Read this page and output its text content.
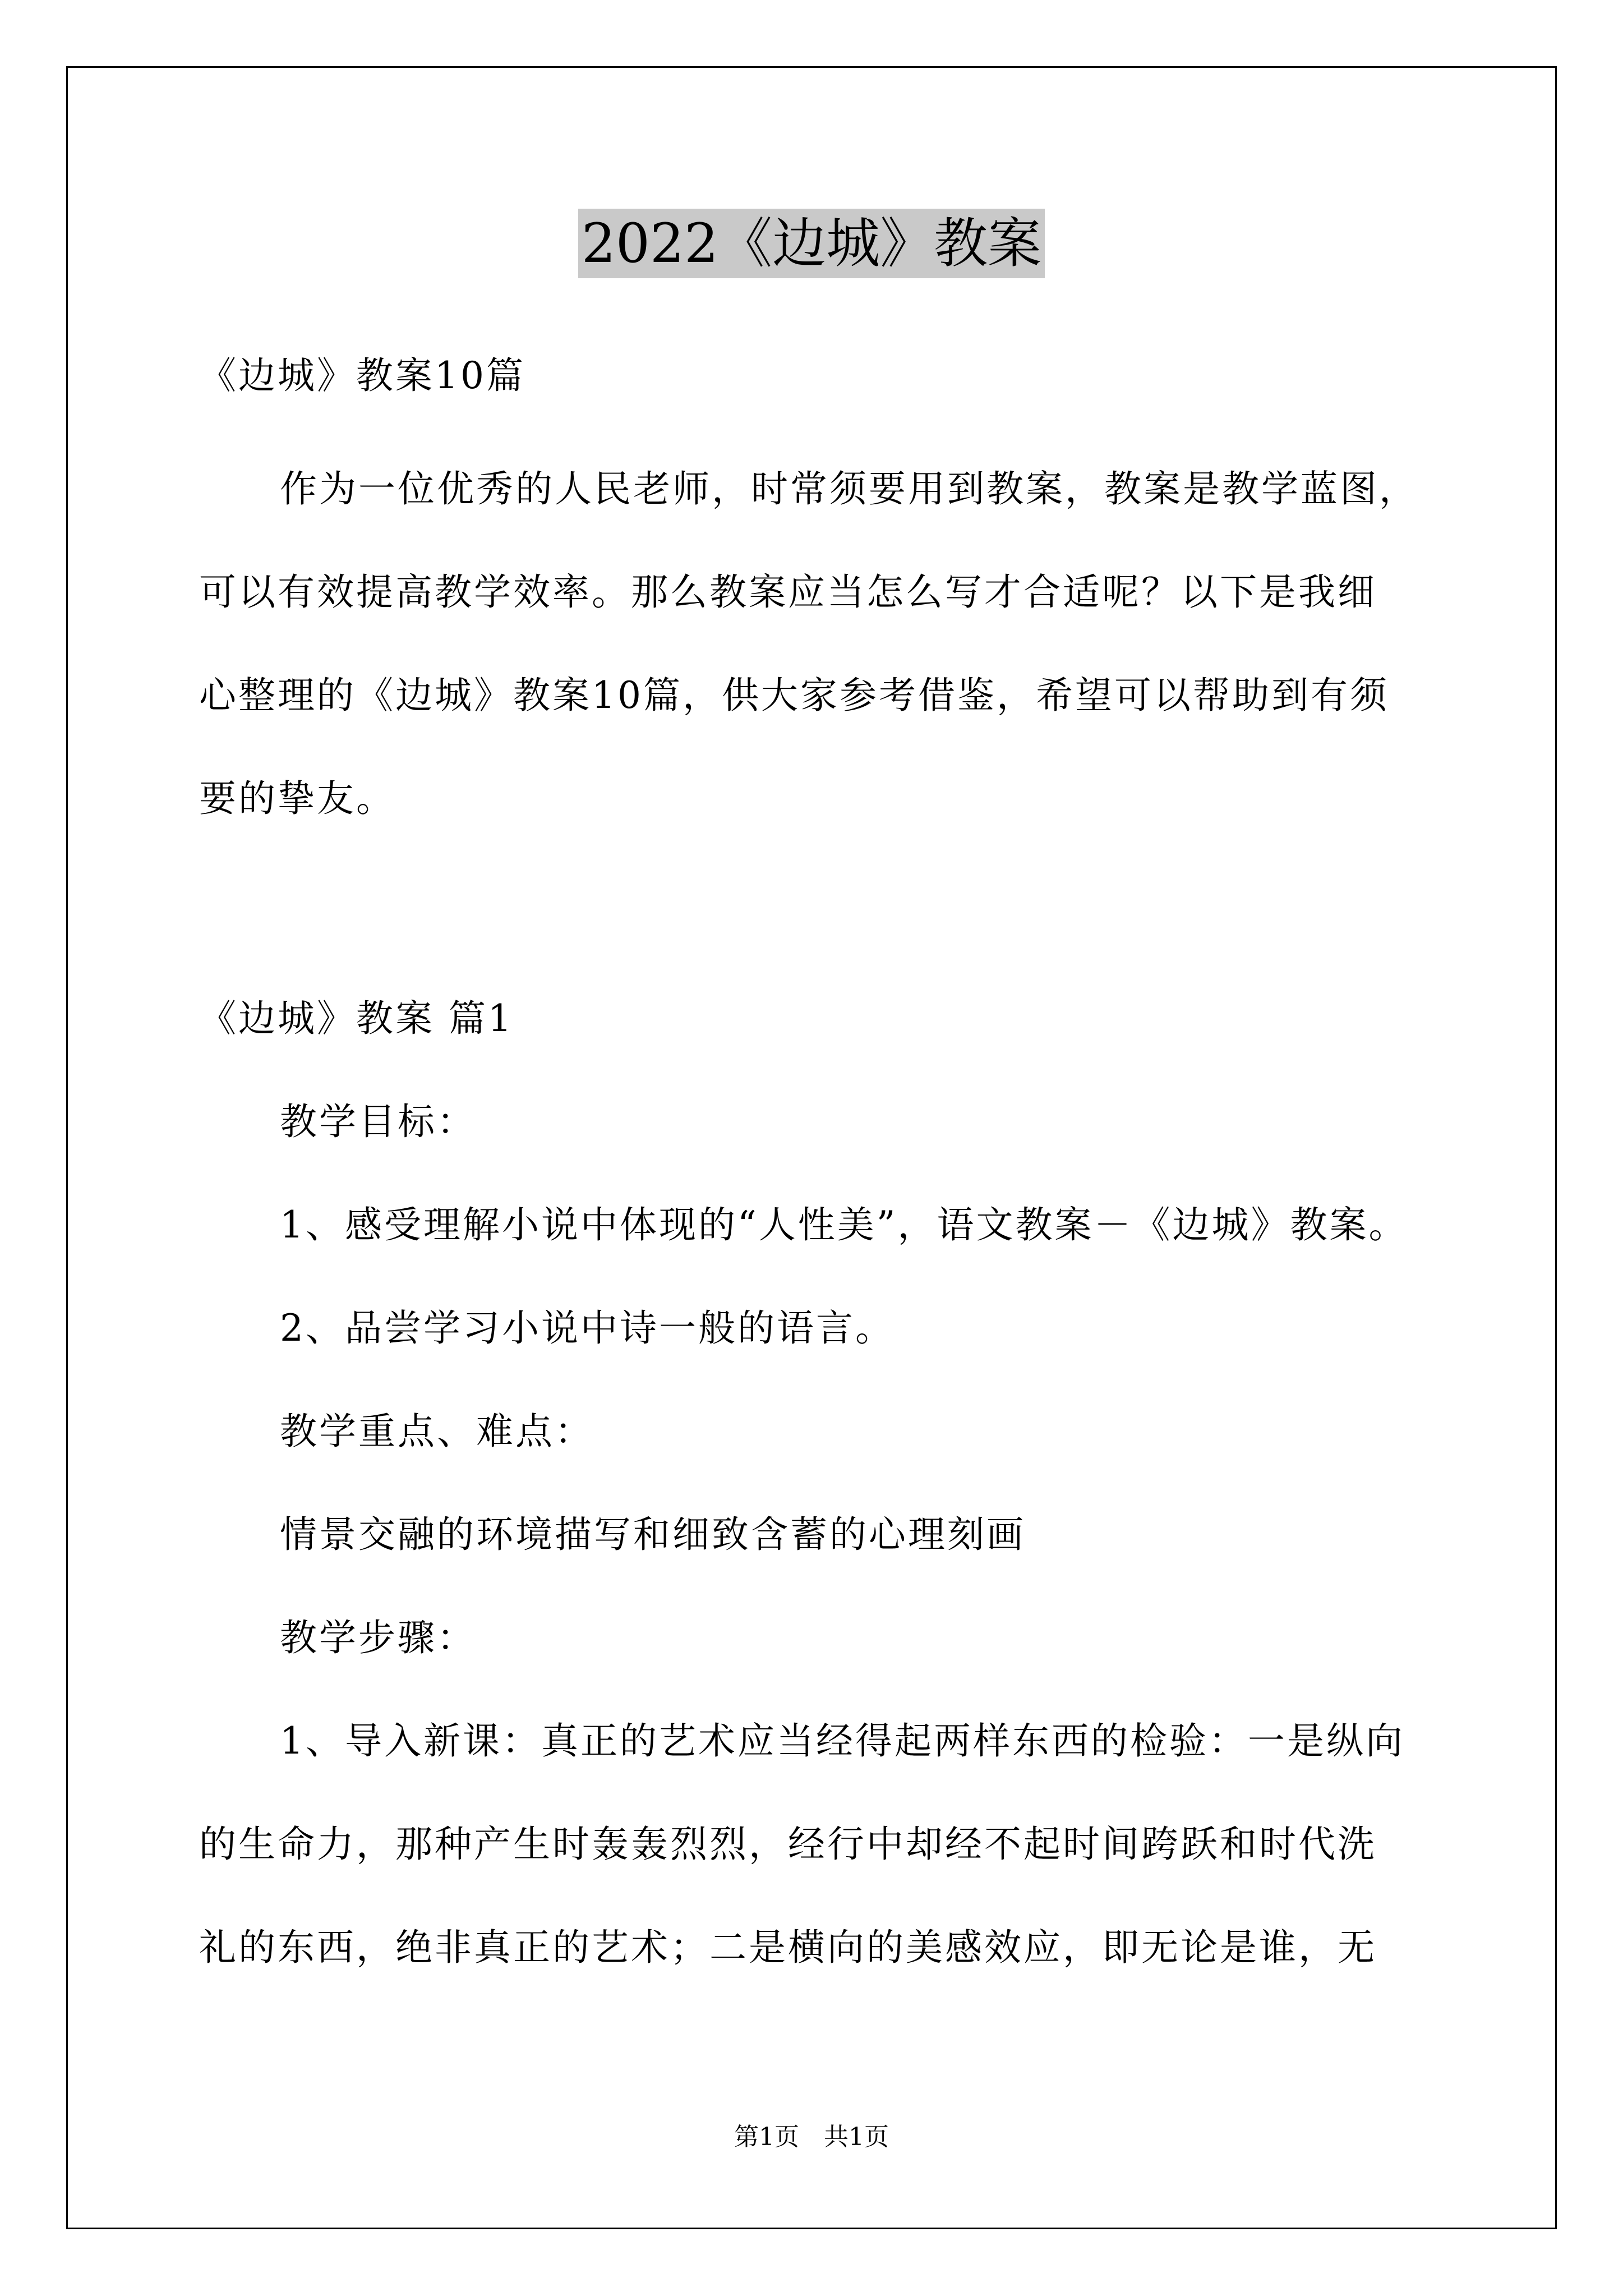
2022《边城》教案
《边城》教案10篇
作为一位优秀的人民老师，时常须要用到教案，教案是教学蓝图，
可以有效提高教学效率。那么教案应当怎么写才合适呢？以下是我细
心整理的《边城》教案10篇，供大家参考借鉴，希望可以帮助到有须
要的挚友。
《边城》教案 篇1
教学目标：
1、感受理解小说中体现的“人性美”，语文教案－《边城》教案。
2、品尝学习小说中诗一般的语言。
教学重点、难点：
情景交融的环境描写和细致含蓄的心理刻画
教学步骤：
1、导入新课：真正的艺术应当经得起两样东西的检验：一是纵向
的生命力，那种产生时轰轰烈烈，经行中却经不起时间跨跃和时代洗
礼的东西，绝非真正的艺术；二是横向的美感效应，即无论是谁，无
第1页　共1页
